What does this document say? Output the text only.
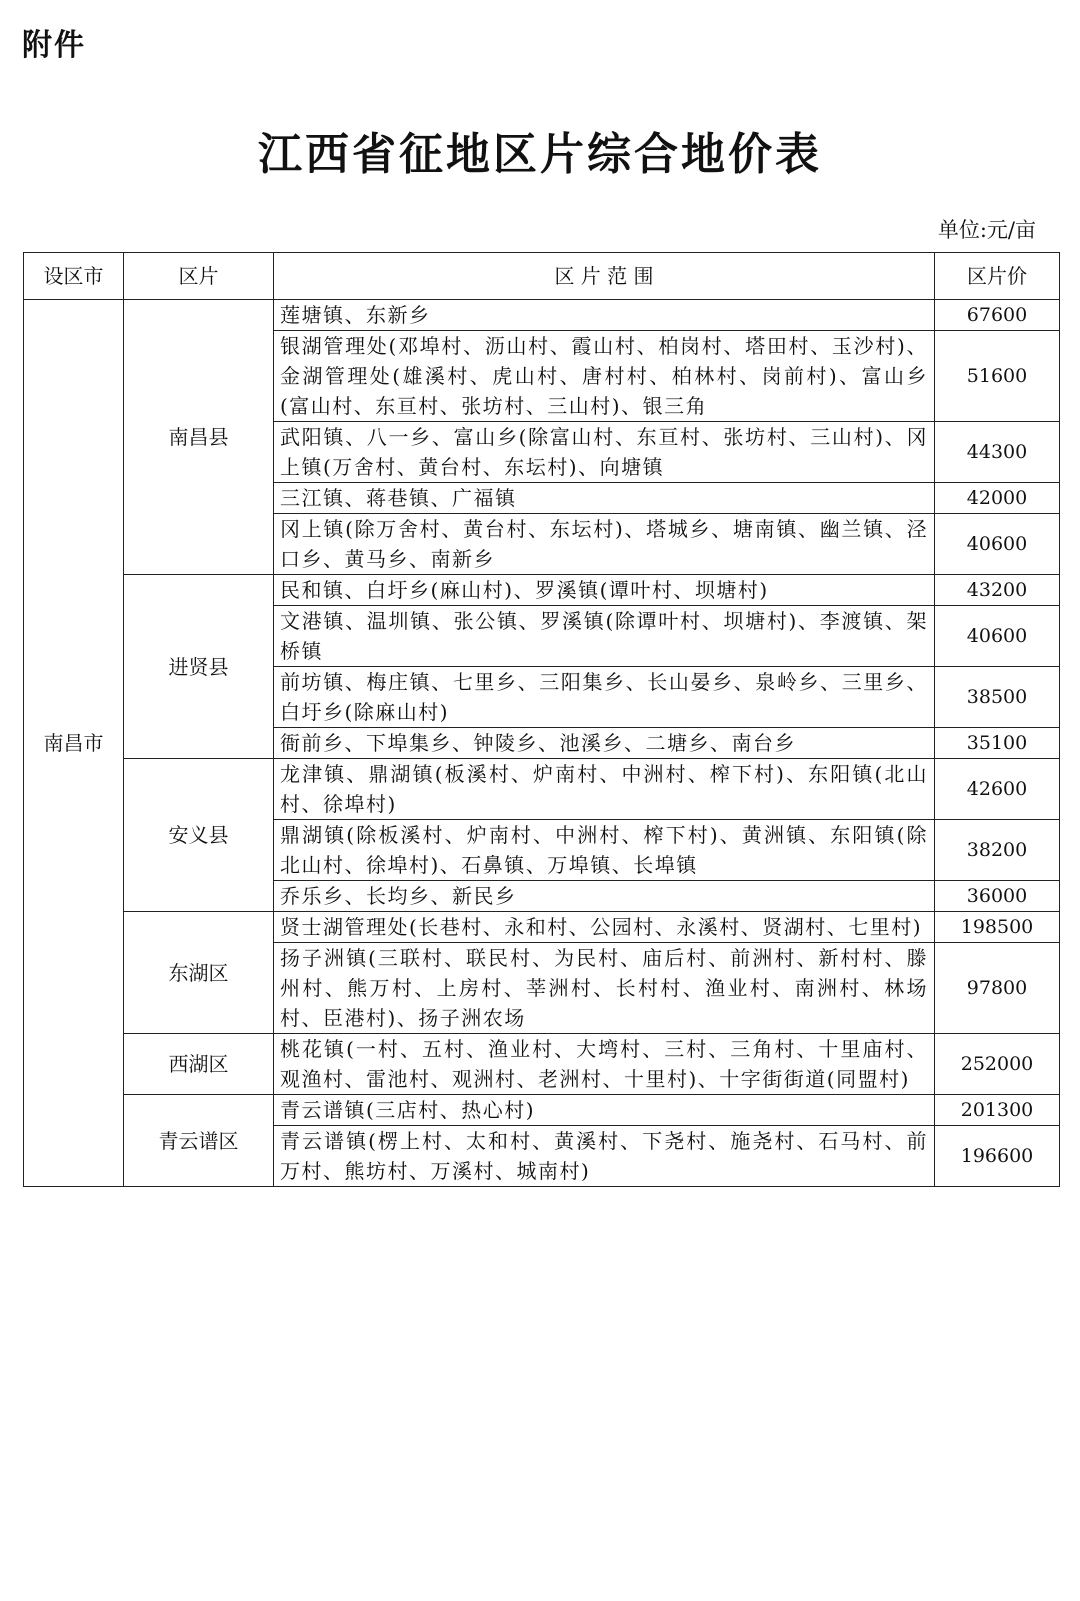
附件
江西省征地区片综合地价表
单位:元/亩
设区市	区片	区 片 范 围	区片价
南昌市	南昌县	莲塘镇、东新乡	67600
		银湖管理处(邓埠村、沥山村、霞山村、柏岗村、塔田村、玉沙村)、金湖管理处(雄溪村、虎山村、唐村村、柏林村、岗前村)、富山乡(富山村、东亘村、张坊村、三山村)、银三角	51600
		武阳镇、八一乡、富山乡(除富山村、东亘村、张坊村、三山村)、冈上镇(万舍村、黄台村、东坛村)、向塘镇	44300
		三江镇、蒋巷镇、广福镇	42000
		冈上镇(除万舍村、黄台村、东坛村)、塔城乡、塘南镇、幽兰镇、泾口乡、黄马乡、南新乡	40600
	进贤县	民和镇、白圩乡(麻山村)、罗溪镇(谭叶村、坝塘村)	43200
		文港镇、温圳镇、张公镇、罗溪镇(除谭叶村、坝塘村)、李渡镇、架桥镇	40600
		前坊镇、梅庄镇、七里乡、三阳集乡、长山晏乡、泉岭乡、三里乡、白圩乡(除麻山村)	38500
		衙前乡、下埠集乡、钟陵乡、池溪乡、二塘乡、南台乡	35100
	安义县	龙津镇、鼎湖镇(板溪村、炉南村、中洲村、榨下村)、东阳镇(北山村、徐埠村)	42600
		鼎湖镇(除板溪村、炉南村、中洲村、榨下村)、黄洲镇、东阳镇(除北山村、徐埠村)、石鼻镇、万埠镇、长埠镇	38200
		乔乐乡、长均乡、新民乡	36000
	东湖区	贤士湖管理处(长巷村、永和村、公园村、永溪村、贤湖村、七里村)	198500
		扬子洲镇(三联村、联民村、为民村、庙后村、前洲村、新村村、滕州村、熊万村、上房村、莘洲村、长村村、渔业村、南洲村、林场村、臣港村)、扬子洲农场	97800
	西湖区	桃花镇(一村、五村、渔业村、大塆村、三村、三角村、十里庙村、观渔村、雷池村、观洲村、老洲村、十里村)、十字街街道(同盟村)	252000
	青云谱区	青云谱镇(三店村、热心村)	201300
		青云谱镇(楞上村、太和村、黄溪村、下尧村、施尧村、石马村、前万村、熊坊村、万溪村、城南村)	196600
